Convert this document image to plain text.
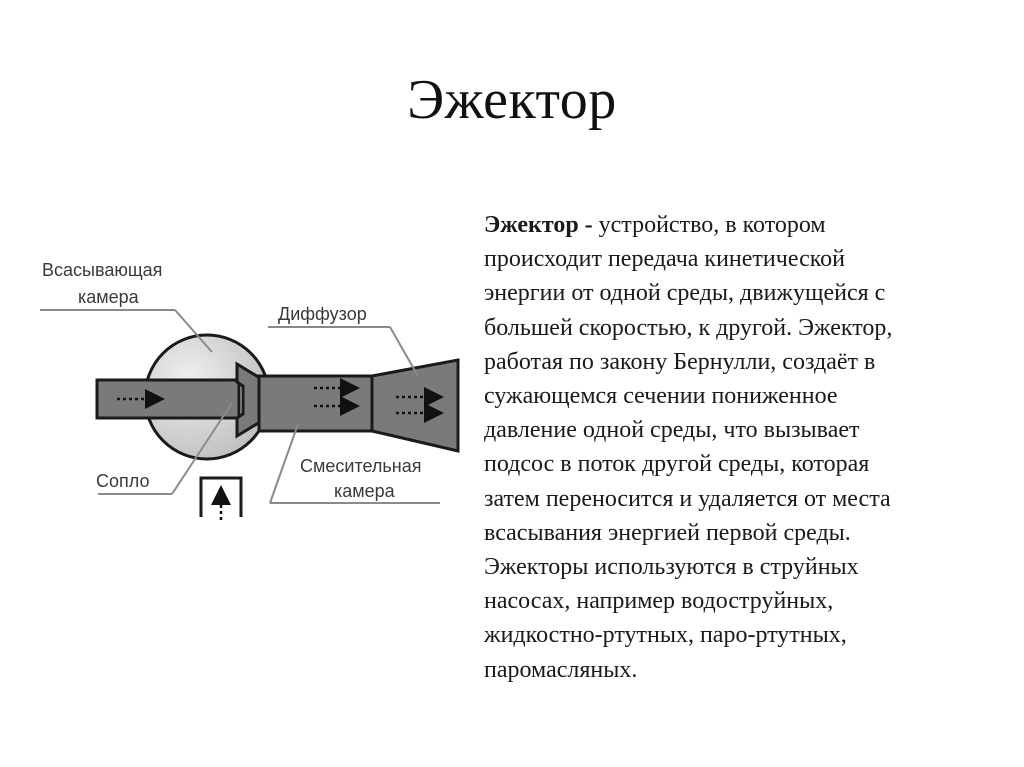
Эжектор
Всасывающая
камера
Диффузор
Сопло
Смесительная
камера
Эжектор - устройство, в котором
происходит передача кинетической
энергии от одной среды, движущейся с
большей скоростью, к другой. Эжектор,
работая по закону Бернулли, создаёт в
сужающемся сечении пониженное
давление одной среды, что вызывает
подсос в поток другой среды, которая
затем переносится и удаляется от места
всасывания энергией первой среды.
Эжекторы используются в струйных
насосах, например водоструйных,
жидкостно-ртутных, паро-ртутных,
паромасляных.
